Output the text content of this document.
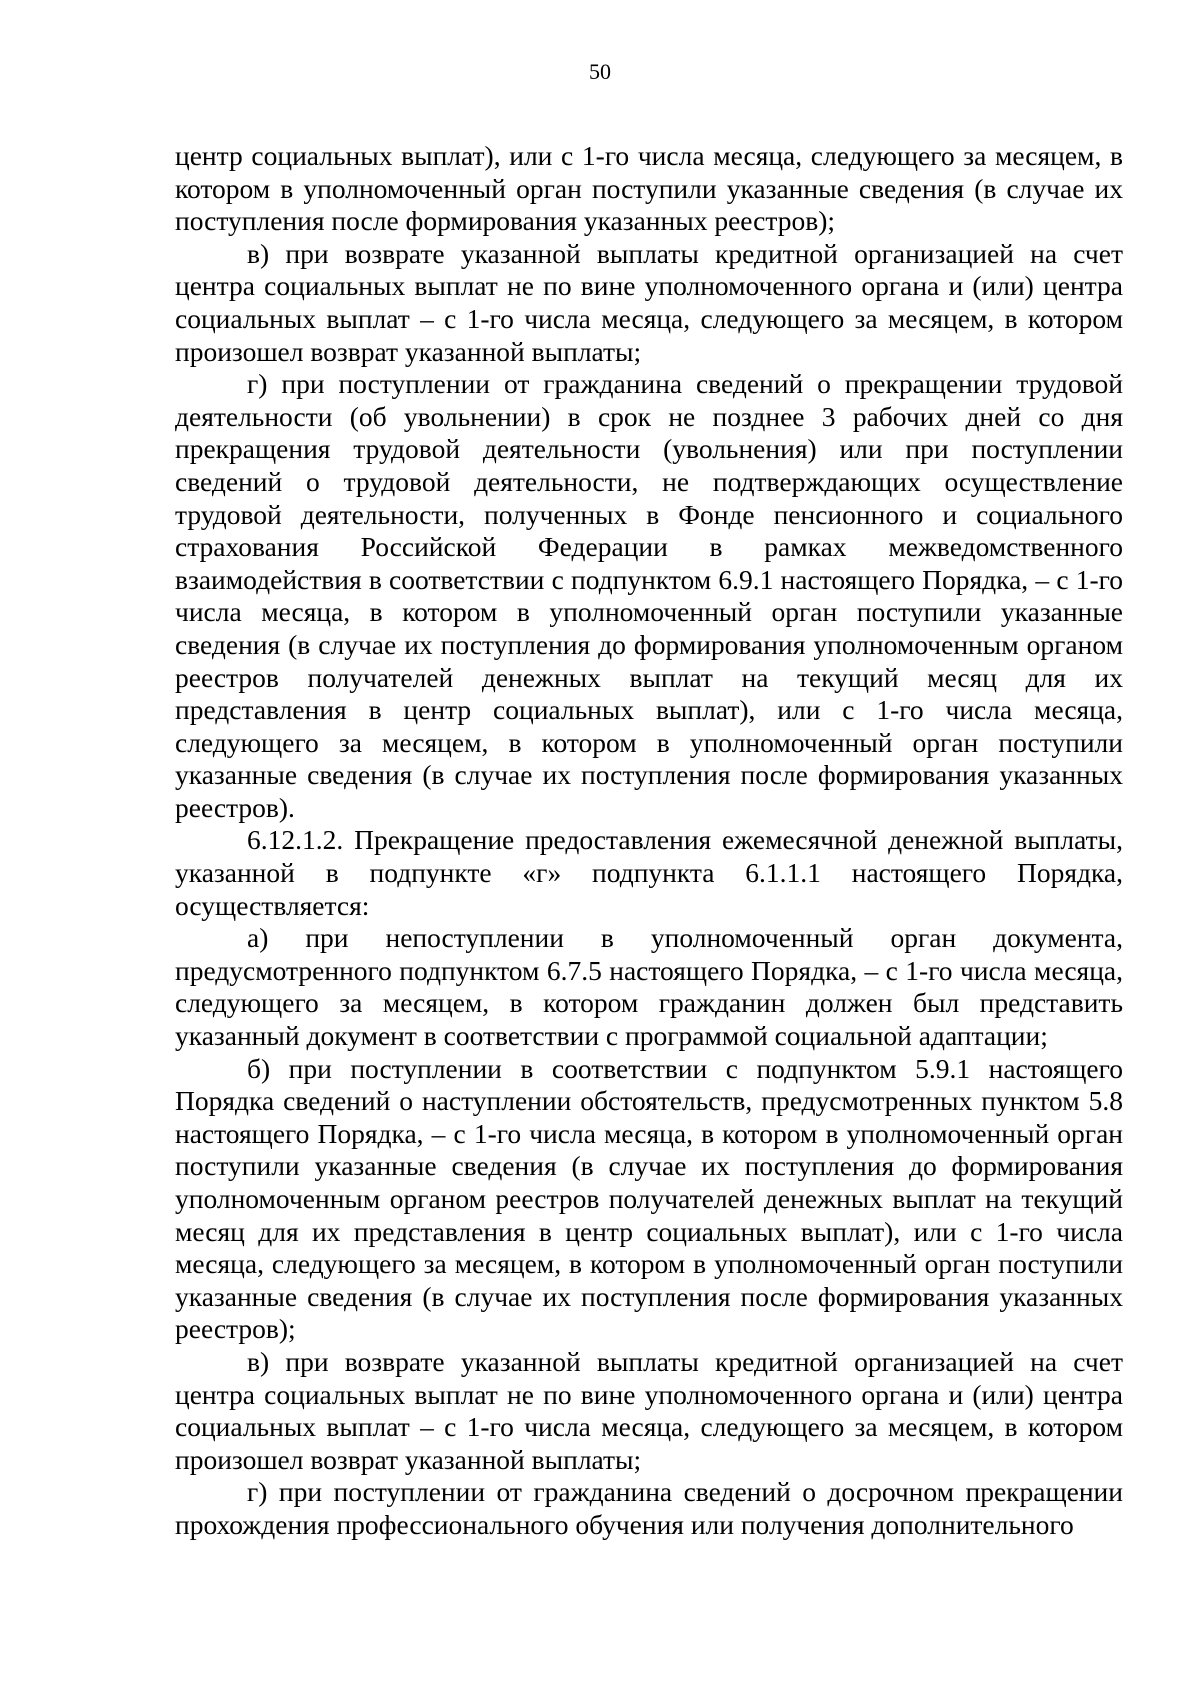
50

центр социальных выплат), или с 1-го числа месяца, следующего за месяцем, в котором в уполномоченный орган поступили указанные сведения (в случае их поступления после формирования указанных реестров);

в) при возврате указанной выплаты кредитной организацией на счет центра социальных выплат не по вине уполномоченного органа и (или) центра социальных выплат – с 1-го числа месяца, следующего за месяцем, в котором произошел возврат указанной выплаты;

г) при поступлении от гражданина сведений о прекращении трудовой деятельности (об увольнении) в срок не позднее 3 рабочих дней со дня прекращения трудовой деятельности (увольнения) или при поступлении сведений о трудовой деятельности, не подтверждающих осуществление трудовой деятельности, полученных в Фонде пенсионного и социального страхования Российской Федерации в рамках межведомственного взаимодействия в соответствии с подпунктом 6.9.1 настоящего Порядка, – с 1-го числа месяца, в котором в уполномоченный орган поступили указанные сведения (в случае их поступления до формирования уполномоченным органом реестров получателей денежных выплат на текущий месяц для их представления в центр социальных выплат), или с 1-го числа месяца, следующего за месяцем, в котором в уполномоченный орган поступили указанные сведения (в случае их поступления после формирования указанных реестров).

6.12.1.2. Прекращение предоставления ежемесячной денежной выплаты, указанной в подпункте «г» подпункта 6.1.1.1 настоящего Порядка, осуществляется:

а) при непоступлении в уполномоченный орган документа, предусмотренного подпунктом 6.7.5 настоящего Порядка, – с 1-го числа месяца, следующего за месяцем, в котором гражданин должен был представить указанный документ в соответствии с программой социальной адаптации;

б) при поступлении в соответствии с подпунктом 5.9.1 настоящего Порядка сведений о наступлении обстоятельств, предусмотренных пунктом 5.8 настоящего Порядка, – с 1-го числа месяца, в котором в уполномоченный орган поступили указанные сведения (в случае их поступления до формирования уполномоченным органом реестров получателей денежных выплат на текущий месяц для их представления в центр социальных выплат), или с 1-го числа месяца, следующего за месяцем, в котором в уполномоченный орган поступили указанные сведения (в случае их поступления после формирования указанных реестров);

в) при возврате указанной выплаты кредитной организацией на счет центра социальных выплат не по вине уполномоченного органа и (или) центра социальных выплат – с 1-го числа месяца, следующего за месяцем, в котором произошел возврат указанной выплаты;

г) при поступлении от гражданина сведений о досрочном прекращении прохождения профессионального обучения или получения дополнительного
